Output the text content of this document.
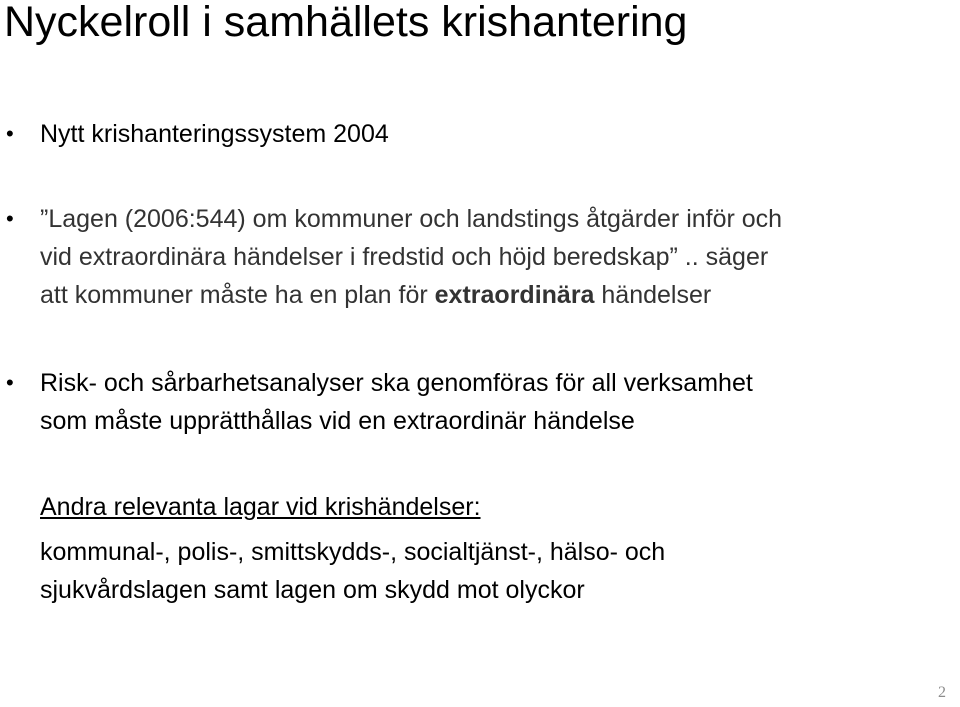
Nyckelroll i samhällets krishantering
• Nytt krishanteringssystem 2004
• ”Lagen (2006:544) om kommuner och landstings åtgärder inför och
vid extraordinära händelser i fredstid och höjd beredskap” .. säger
att kommuner måste ha en plan för extraordinära händelser
• Risk- och sårbarhetsanalyser ska genomföras för all verksamhet
som måste upprätthållas vid en extraordinär händelse
Andra relevanta lagar vid krishändelser:
kommunal-, polis-, smittskydds-, socialtjänst-, hälso- och
sjukvårdslagen samt lagen om skydd mot olyckor
2
